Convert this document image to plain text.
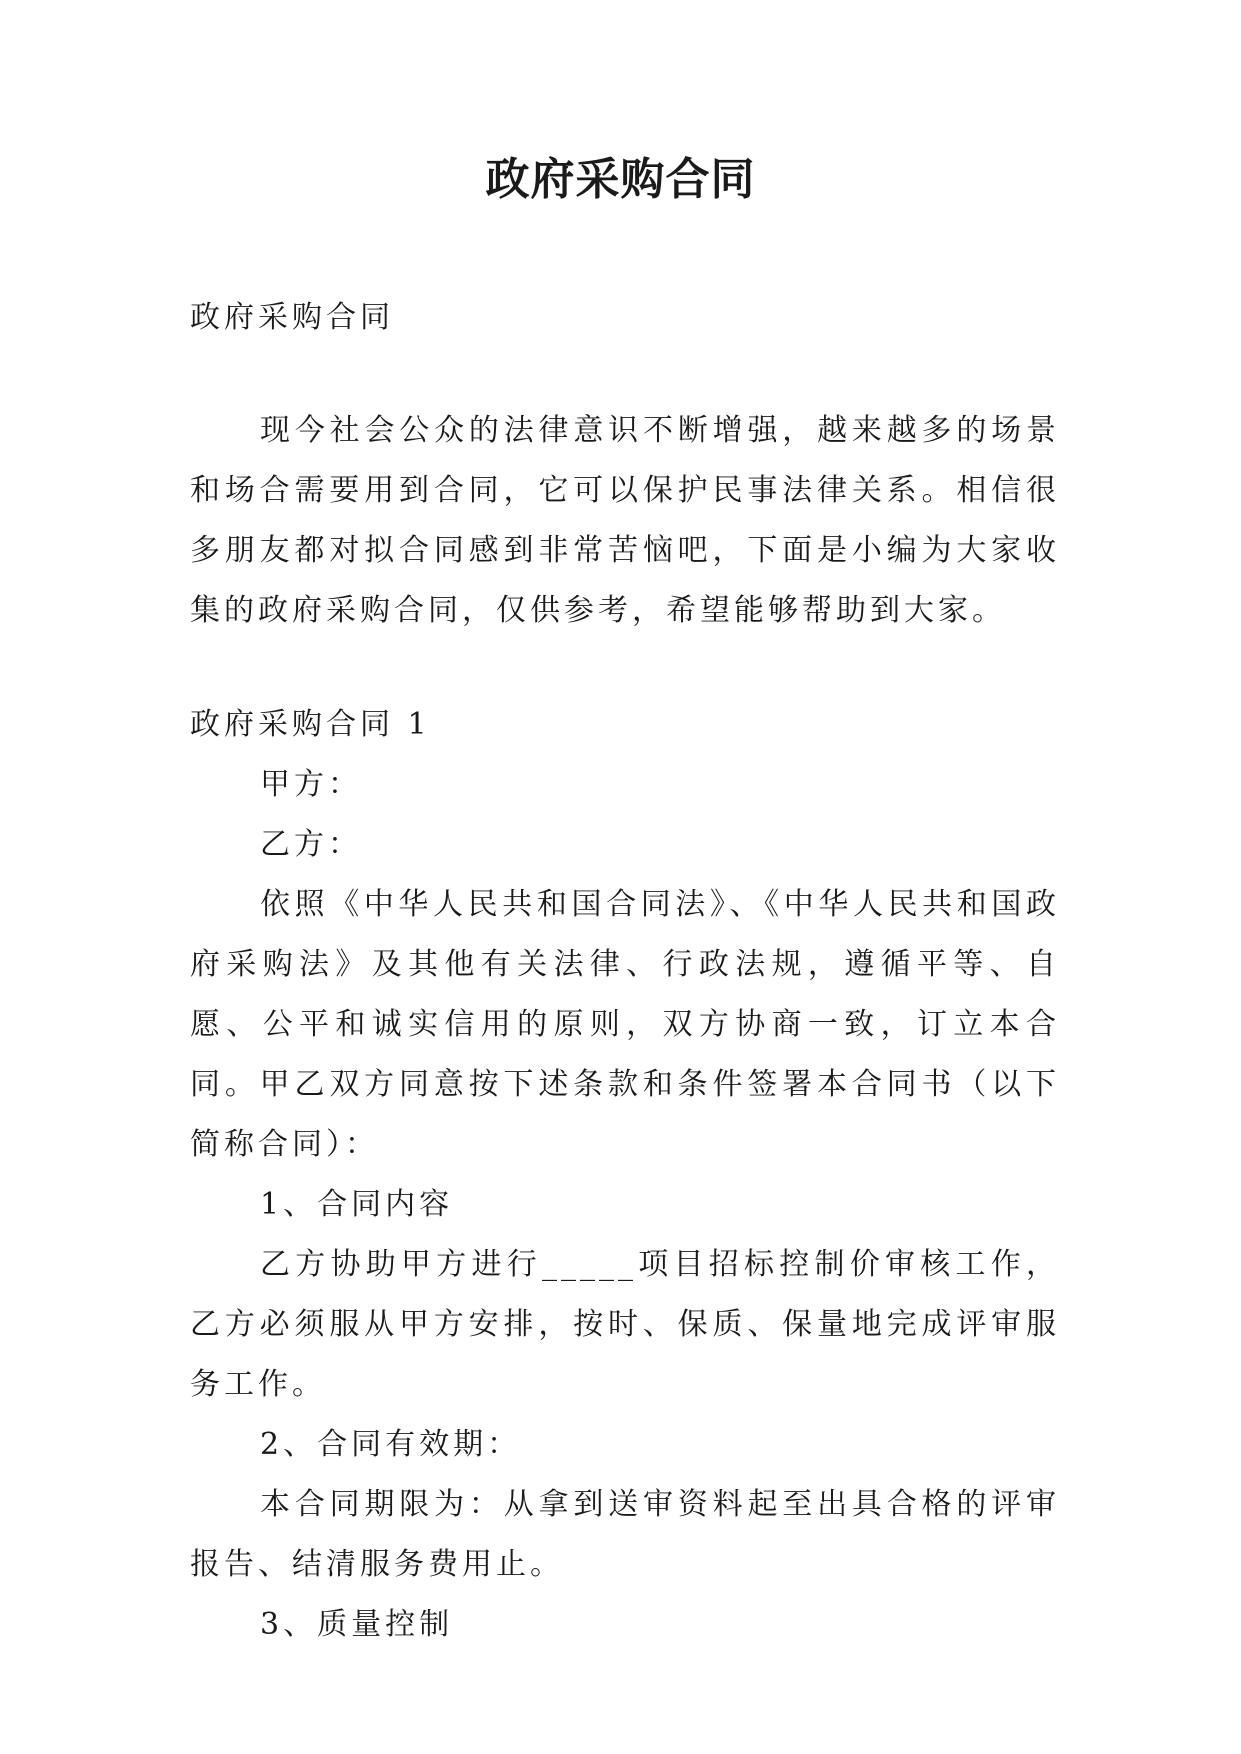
政府采购合同

政府采购合同

现今社会公众的法律意识不断增强，越来越多的场景和场合需要用到合同，它可以保护民事法律关系。相信很多朋友都对拟合同感到非常苦恼吧，下面是小编为大家收集的政府采购合同，仅供参考，希望能够帮助到大家。

政府采购合同 1

甲方：

乙方：

依照《中华人民共和国合同法》、《中华人民共和国政府采购法》及其他有关法律、行政法规，遵循平等、自愿、公平和诚实信用的原则，双方协商一致，订立本合同。甲乙双方同意按下述条款和条件签署本合同书（以下简称合同）：

1、合同内容

乙方协助甲方进行_____项目招标控制价审核工作，乙方必须服从甲方安排，按时、保质、保量地完成评审服务工作。

2、合同有效期：

本合同期限为：从拿到送审资料起至出具合格的评审报告、结清服务费用止。

3、质量控制
